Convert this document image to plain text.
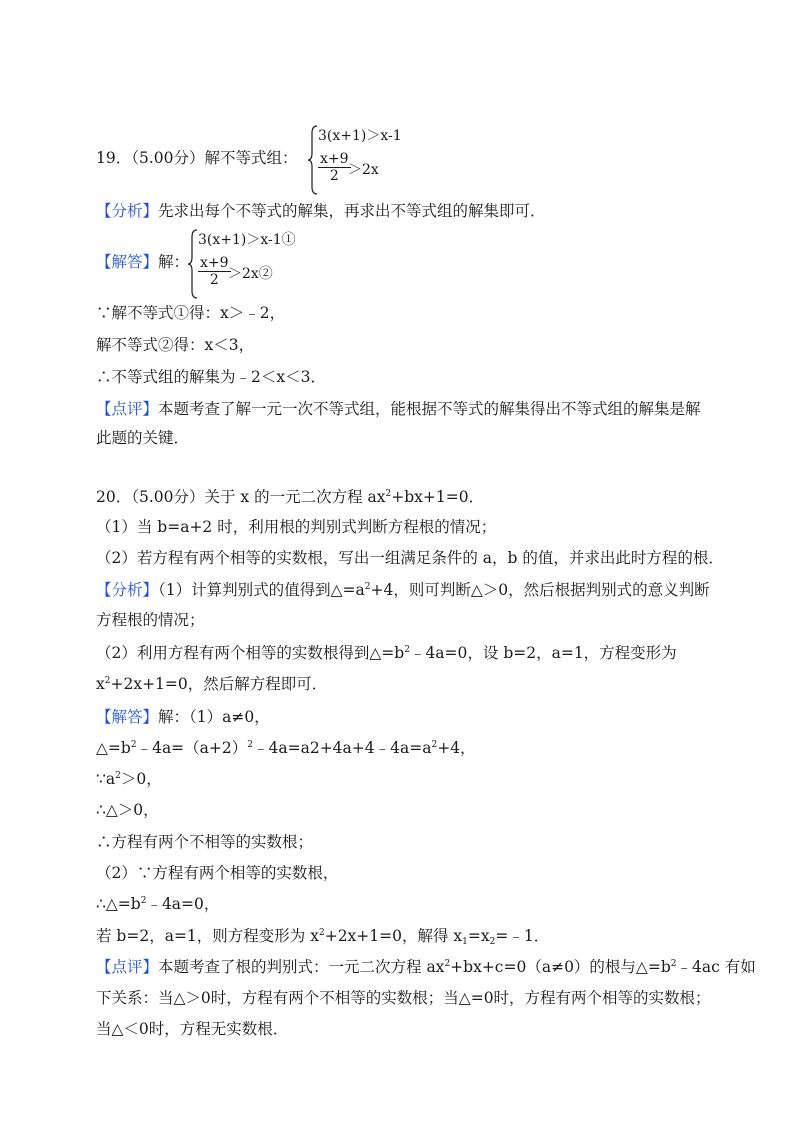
19．（5.00分）解不等式组：
3(x+1)＞x-1
$\frac{x+9}{2}$
＞2x
【分析】先求出每个不等式的解集，再求出不等式组的解集即可．
【解答】解：
3(x+1)＞x-1①
$\frac{x+9}{2}$
＞2x②
∵解不等式①得：x＞﹣2，
解不等式②得：x＜3，
∴不等式组的解集为﹣2＜x＜3．
【点评】本题考查了解一元一次不等式组，能根据不等式的解集得出不等式组的解集是解
此题的关键．
20．（5.00分）关于 x 的一元二次方程 $ax^2+bx+1=0$．
（1）当 b=a+2 时，利用根的判别式判断方程根的情况；
（2）若方程有两个相等的实数根，写出一组满足条件的 a，b 的值，并求出此时方程的根．
【分析】（1）计算判别式的值得到$\triangle=a^2+4$，则可判断△＞0，然后根据判别式的意义判断
方程根的情况；
（2）利用方程有两个相等的实数根得到$\triangle=b^2﹣4a=0$，设 b=2，a=1，方程变形为
$x^2+2x+1=0$，然后解方程即可．
【解答】解：（1）a≠0，
$\triangle=b^2﹣4a=(a+2)^2﹣4a=a2+4a+4﹣4a=a^2+4$，
$\because a^2>0$，
∴△＞0，
∴方程有两个不相等的实数根；
（2）∵方程有两个相等的实数根，
$\therefore\triangle=b^2﹣4a=0$，
若 b=2，a=1，则方程变形为 $x^2+2x+1=0$，解得 $x_1=x_2=﹣1$．
【点评】本题考查了根的判别式：一元二次方程 $ax^2+bx+c=0(a\ne 0)$的根与$\triangle=b^2﹣4ac$ 有如
下关系：当△＞0时，方程有两个不相等的实数根；当△=0时，方程有两个相等的实数根；
当△＜0时，方程无实数根．
